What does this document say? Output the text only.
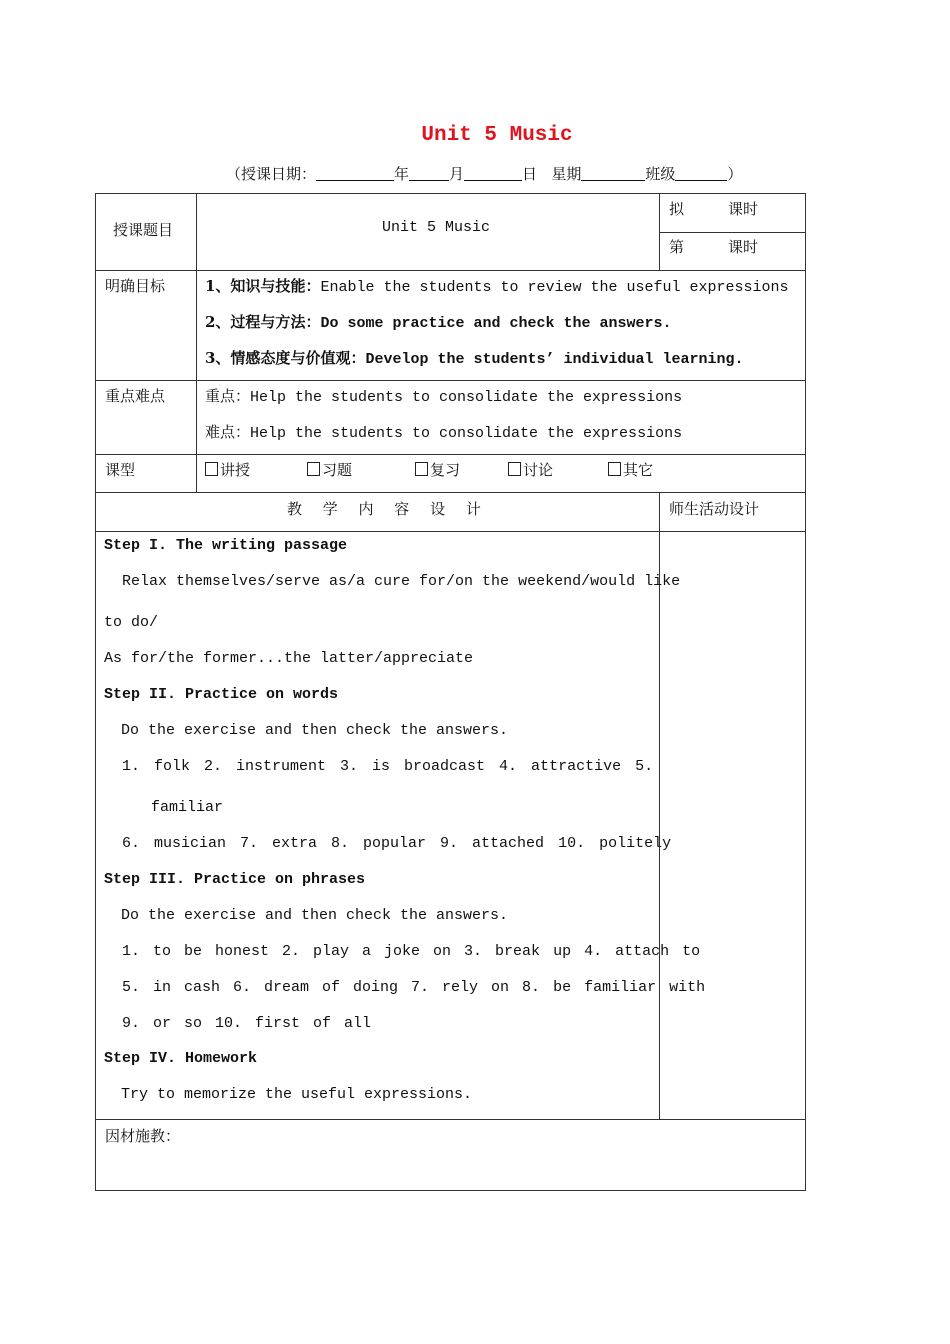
Unit 5 Music
（授课日期：	年	月	日 星期	班级	）
授课题目	Unit 5 Music
拟	课时
第	课时
明确目标	1、知识与技能：Enable the students to review the useful expressions
2、过程与方法：Do some practice and check the answers.
3、情感态度与价值观：Develop the students’ individual learning.
重点难点	重点：Help the students to consolidate the expressions
难点：Help the students to consolidate the expressions
课型	讲授	习题	复习	讨论	其它
教 学 内 容 设 计	师生活动设计
Step I. The writing passage
Relax themselves/serve as/a cure for/on the weekend/would like
to do/
As for/the former...the latter/appreciate
Step II. Practice on words
Do the exercise and then check the answers.
1. folk 2. instrument 3. is broadcast 4. attractive 5.
familiar
6. musician 7. extra 8. popular 9. attached 10. politely
Step III. Practice on phrases
Do the exercise and then check the answers.
1. to be honest 2. play a joke on 3. break up 4. attach to
5. in cash 6. dream of doing 7. rely on 8. be familiar with
9. or so 10. first of all
Step IV. Homework
Try to memorize the useful expressions.
因材施教：
